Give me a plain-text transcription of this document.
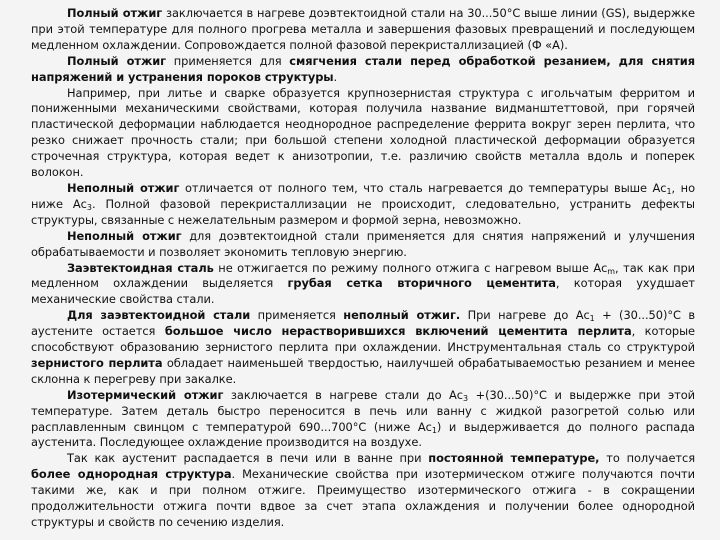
Полный отжиг заключается в нагреве доэвтектоидной стали на 30...50°С выше линии (GS), выдержке при этой температуре для полного прогрева металла и завершения фазовых превращений и последующем медленном охлаждении. Сопровождается полной фазовой перекристаллизацией (Ф «А).

Полный отжиг применяется для смягчения стали перед обработкой резанием, для снятия напряжений и устранения пороков структуры.

Например, при литье и сварке образуется крупнозернистая структура с игольчатым ферритом и пониженными механическими свойствами, которая получила название видманштеттовой, при горячей пластической деформации наблюдается неоднородное распределение феррита вокруг зерен перлита, что резко снижает прочность стали; при большой степени холодной пластической деформации образуется строчечная структура, которая ведет к анизотропии, т.е. различию свойств металла вдоль и поперек волокон.

Неполный отжиг отличается от полного тем, что сталь нагревается до температуры выше $Ас_1$, но ниже $Ас_3$. Полной фазовой перекристаллизации не происходит, следовательно, устранить дефекты структуры, связанные с нежелательным размером и формой зерна, невозможно.

Неполный отжиг для доэвтектоидной стали применяется для снятия напряжений и улучшения обрабатываемости и позволяет экономить тепловую энергию.

Заэвтектоидная сталь не отжигается по режиму полного отжига с нагревом выше $Ас_m$, так как при медленном охлаждении выделяется грубая сетка вторичного цементита, которая ухудшает механические свойства стали.

Для заэвтектоидной стали применяется неполный отжиг. При нагреве до $Ас_1 + (30...50)^\circ С$ в аустените остается большое число нерастворившихся включений цементита перлита, которые способствуют образованию зернистого перлита при охлаждении. Инструментальная сталь со структурой зернистого перлита обладает наименьшей твердостью, наилучшей обрабатываемостью резанием и менее склонна к перегреву при закалке.

Изотермический отжиг заключается в нагреве стали до $Ас_3 +(30...50)^\circ С$ и выдержке при этой температуре. Затем деталь быстро переносится в печь или ванну с жидкой разогретой солью или расплавленным свинцом с температурой 690...700°С (ниже $Ас_1$) и выдерживается до полного распада аустенита. Последующее охлаждение производится на воздухе.

Так как аустенит распадается в печи или в ванне при постоянной температуре, то получается более однородная структура. Механические свойства при изотермическом отжиге получаются почти такими же, как и при полном отжиге. Преимущество изотермического отжига - в сокращении продолжительности отжига почти вдвое за счет этапа охлаждения и получении более однородной структуры и свойств по сечению изделия.
